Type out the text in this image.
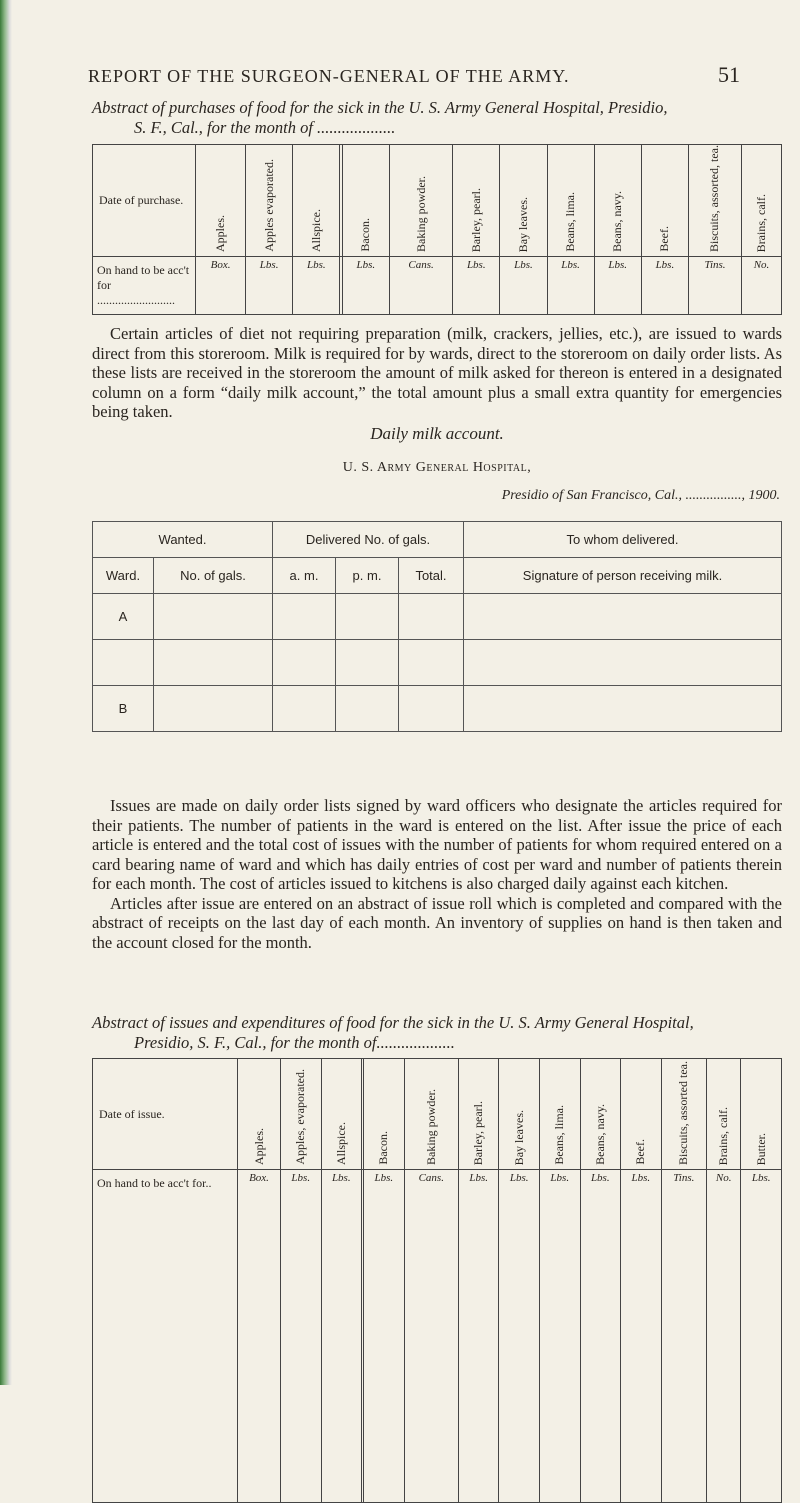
REPORT OF THE SURGEON-GENERAL OF THE ARMY.	51
Abstract of purchases of food for the sick in the U. S. Army General Hospital, Presidio,
S. F., Cal., for the month of ...................
Date of purchase.	Apples.	Apples evaporated.	Allspice.		Bacon.	Baking powder.	Barley, pearl.	Bay leaves.	Beans, lima.	Beans, navy.	Beef.	Biscuits, assorted, tea.	Brains, calf.

On hand to be acc't for ..........................	Box.	Lbs.	Lbs.		Lbs.	Cans.	Lbs.	Lbs.	Lbs.	Lbs.	Lbs.	Tins.	No.

Certain articles of diet not requiring preparation (milk, crackers, jellies, etc.), are issued to wards direct from this storeroom. Milk is required for by wards, direct to the storeroom on daily order lists. As these lists are received in the storeroom the amount of milk asked for thereon is entered in a designated column on a form “daily milk account,” the total amount plus a small extra quantity for emergencies being taken.

Daily milk account.
U. S. Army General Hospital,
Presidio of San Francisco, Cal., ................, 1900.
Wanted.		Delivered No. of gals.			To whom delivered.
Ward.	No. of gals.	a. m.	p. m.	Total.	Signature of person receiving milk.
A					

B					

Issues are made on daily order lists signed by ward officers who designate the articles required for their patients. The number of patients in the ward is entered on the list. After issue the price of each article is entered and the total cost of issues with the number of patients for whom required entered on a card bearing name of ward and which has daily entries of cost per ward and number of patients therein for each month. The cost of articles issued to kitchens is also charged daily against each kitchen.

Articles after issue are entered on an abstract of issue roll which is completed and compared with the abstract of receipts on the last day of each month. An inventory of supplies on hand is then taken and the account closed for the month.

Abstract of issues and expenditures of food for the sick in the U. S. Army General Hospital,
Presidio, S. F., Cal., for the month of...................
Date of issue.	Apples.	Apples, evaporated.	Allspice.		Bacon.	Baking powder.	Barley, pearl.	Bay leaves.	Beans, lima.	Beans, navy.	Beef.	Biscuits, assorted tea.	Brains, calf.	Butter.

On hand to be acc't for..	Box.	Lbs.	Lbs.		Lbs.	Cans.	Lbs.	Lbs.	Lbs.	Lbs.	Lbs.	Tins.	No.	Lbs.
